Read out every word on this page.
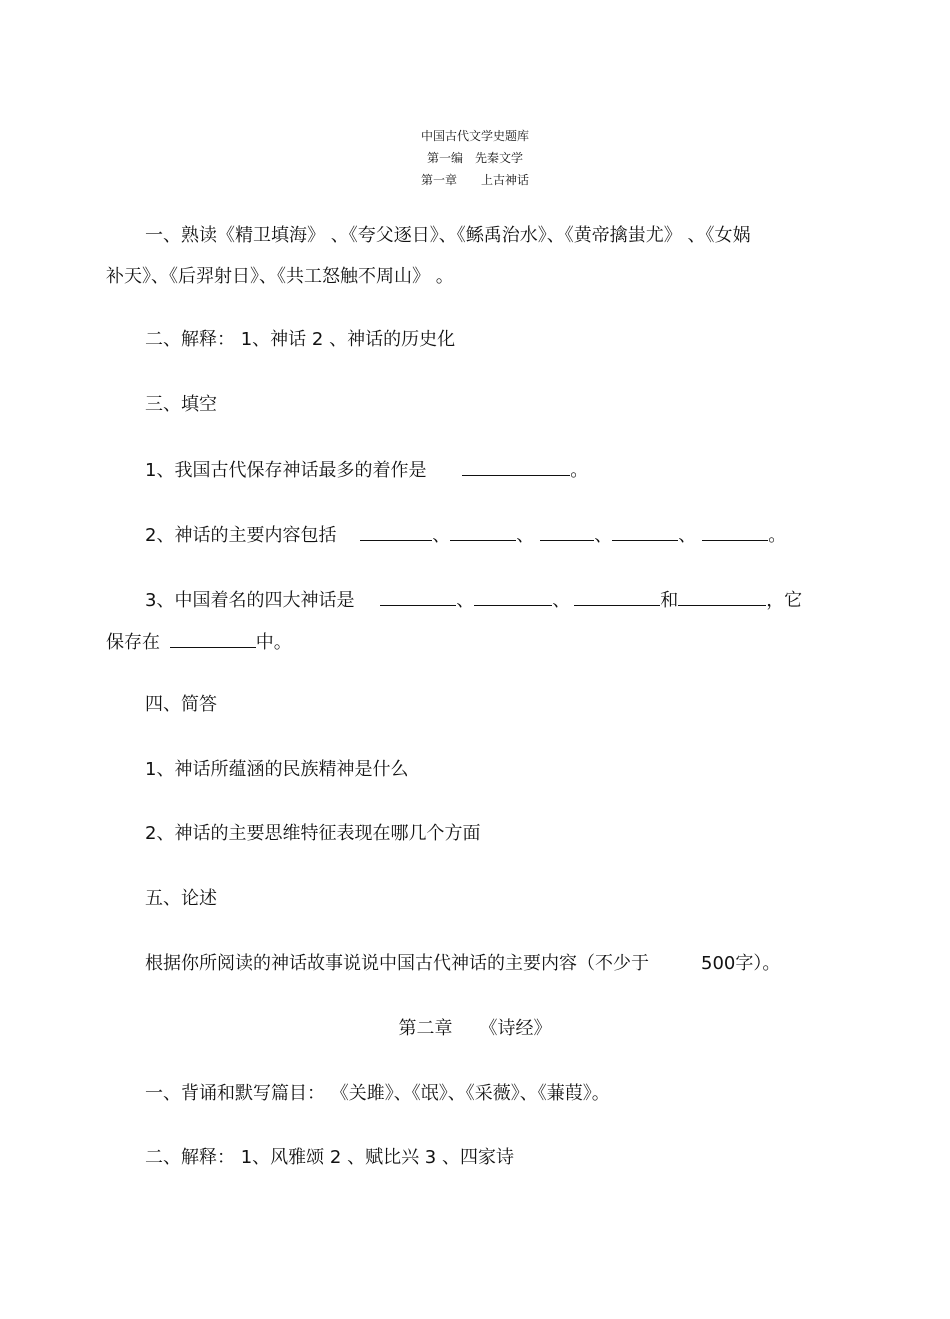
中国古代文学史题库
第一编　先秦文学
第一章　　上古神话
一、熟读《精卫填海》 、《夸父逐日》、《鲧禹治水》、《黄帝擒蚩尤》 、《女娲
补天》、《后羿射日》、《共工怒触不周山》 。
二、解释： 1、神话 2 、神话的历史化
三、填空
1、我国古代保存神话最多的着作是	。
2、神话的主要内容包括	、	、	、	、	。
3、中国着名的四大神话是	、	、	和	，它
保存在	中。
四、简答
1、神话所蕴涵的民族精神是什么
2、神话的主要思维特征表现在哪几个方面
五、论述
根据你所阅读的神话故事说说中国古代神话的主要内容（不少于	500字）。
第二章　　《诗经》
一、背诵和默写篇目： 《关雎》、《氓》、《采薇》、《蒹葭》。
二、解释： 1、风雅颂 2 、赋比兴 3 、四家诗
